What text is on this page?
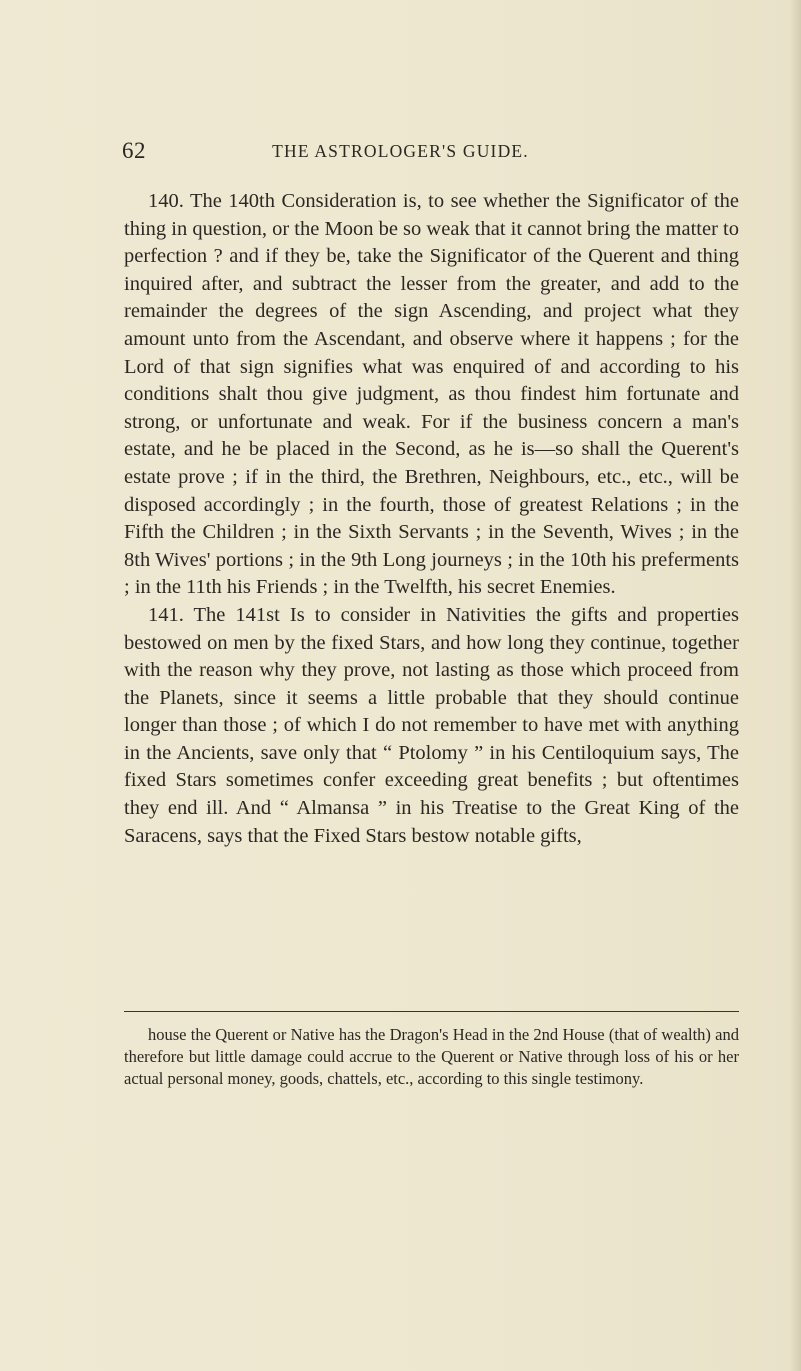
62	THE ASTROLOGER'S GUIDE.

140. The 140th Consideration is, to see whether the Significator of the thing in question, or the Moon be so weak that it cannot bring the matter to perfection ? and if they be, take the Significator of the Querent and thing inquired after, and subtract the lesser from the greater, and add to the remainder the degrees of the sign Ascending, and project what they amount unto from the Ascendant, and observe where it happens ; for the Lord of that sign signifies what was enquired of and according to his conditions shalt thou give judgment, as thou findest him fortunate and strong, or unfortunate and weak. For if the business concern a man's estate, and he be placed in the Second, as he is—so shall the Querent's estate prove ; if in the third, the Brethren, Neighbours, etc., etc., will be disposed accordingly ; in the fourth, those of greatest Relations ; in the Fifth the Children ; in the Sixth Servants ; in the Seventh, Wives ; in the 8th Wives' portions ; in the 9th Long journeys ; in the 10th his preferments ; in the 11th his Friends ; in the Twelfth, his secret Enemies.

141. The 141st Is to consider in Nativities the gifts and properties bestowed on men by the fixed Stars, and how long they continue, together with the reason why they prove, not lasting as those which proceed from the Planets, since it seems a little probable that they should continue longer than those ; of which I do not remember to have met with anything in the Ancients, save only that “ Ptolomy ” in his Centiloquium says, The fixed Stars sometimes confer exceeding great benefits ; but oftentimes they end ill. And “ Almansa ” in his Treatise to the Great King of the Saracens, says that the Fixed Stars bestow notable gifts,

house the Querent or Native has the Dragon's Head in the 2nd House (that of wealth) and therefore but little damage could accrue to the Querent or Native through loss of his or her actual personal money, goods, chattels, etc., according to this single testimony.
